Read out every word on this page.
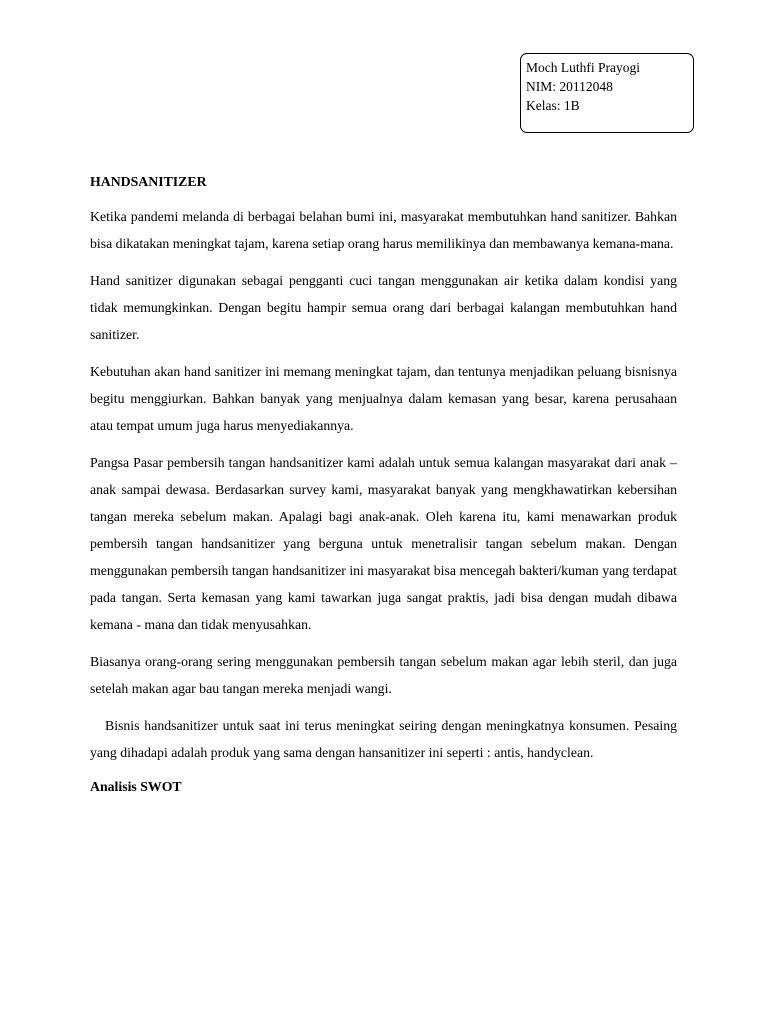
Moch Luthfi Prayogi
NIM: 20112048
Kelas: 1B
HANDSANITIZER

Ketika pandemi melanda di berbagai belahan bumi ini, masyarakat membutuhkan hand sanitizer. Bahkan bisa dikatakan meningkat tajam, karena setiap orang harus memilikinya dan membawanya kemana-mana.

Hand sanitizer digunakan sebagai pengganti cuci tangan menggunakan air ketika dalam kondisi yang tidak memungkinkan. Dengan begitu hampir semua orang dari berbagai kalangan membutuhkan hand sanitizer.

Kebutuhan akan hand sanitizer ini memang meningkat tajam, dan tentunya menjadikan peluang bisnisnya begitu menggiurkan. Bahkan banyak yang menjualnya dalam kemasan yang besar, karena perusahaan atau tempat umum juga harus menyediakannya.

Pangsa Pasar pembersih tangan handsanitizer kami adalah untuk semua kalangan masyarakat dari anak – anak sampai dewasa. Berdasarkan survey kami, masyarakat banyak yang mengkhawatirkan kebersihan tangan mereka sebelum makan. Apalagi bagi anak-anak. Oleh karena itu, kami menawarkan produk pembersih tangan handsanitizer yang berguna untuk menetralisir tangan sebelum makan. Dengan menggunakan pembersih tangan handsanitizer ini masyarakat bisa mencegah bakteri/kuman yang terdapat pada tangan. Serta kemasan yang kami tawarkan juga sangat praktis, jadi bisa dengan mudah dibawa kemana - mana dan tidak menyusahkan.

Biasanya orang-orang sering menggunakan pembersih tangan sebelum makan agar lebih steril, dan juga setelah makan agar bau tangan mereka menjadi wangi.

Bisnis handsanitizer untuk saat ini terus meningkat seiring dengan meningkatnya konsumen. Pesaing yang dihadapi adalah produk yang sama dengan hansanitizer ini seperti : antis, handyclean.

Analisis SWOT
